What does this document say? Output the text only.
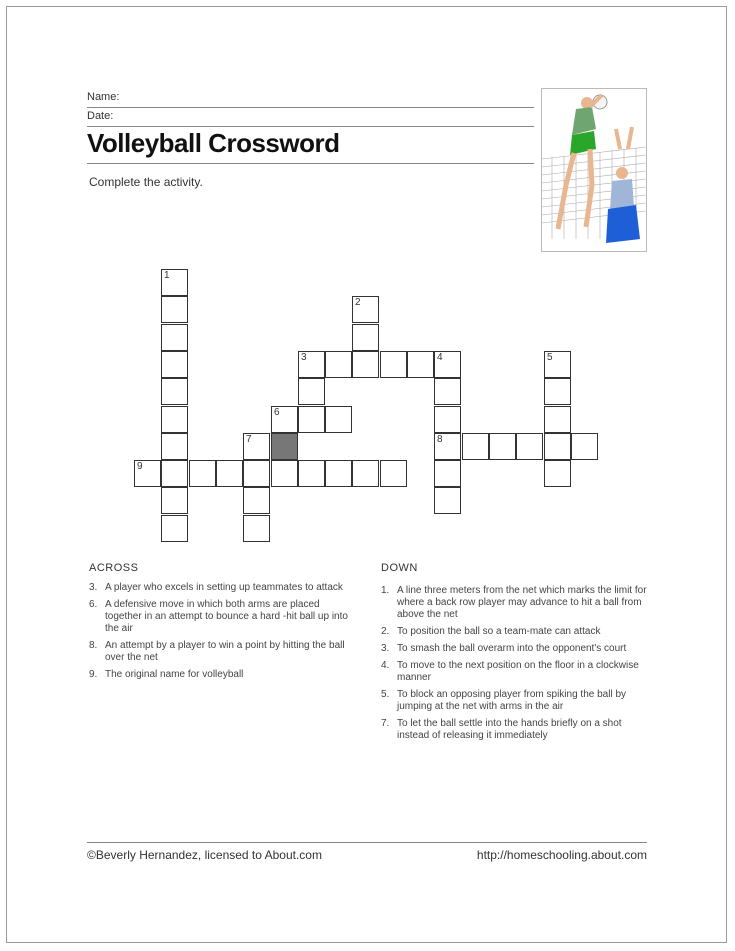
Name:
Date:
Volleyball Crossword
Complete the activity.
1
2
3	4
8
5
6
7
9
ACROSS
3. A player who excels in setting up teammates to attack
6. A defensive move in which both arms are placed together in an attempt to bounce a hard -hit ball up into the air
8. An attempt by a player to win a point by hitting the ball over the net
9. The original name for volleyball
DOWN
1. A line three meters from the net which marks the limit for where a back row player may advance to hit a ball from above the net
2. To position the ball so a team-mate can attack
3. To smash the ball overarm into the opponent's court
4. To move to the next position on the floor in a clockwise manner
5. To block an opposing player from spiking the ball by jumping at the net with arms in the air
7. To let the ball settle into the hands briefly on a shot instead of releasing it immediately
©Beverly Hernandez, licensed to About.com	http://homeschooling.about.com
